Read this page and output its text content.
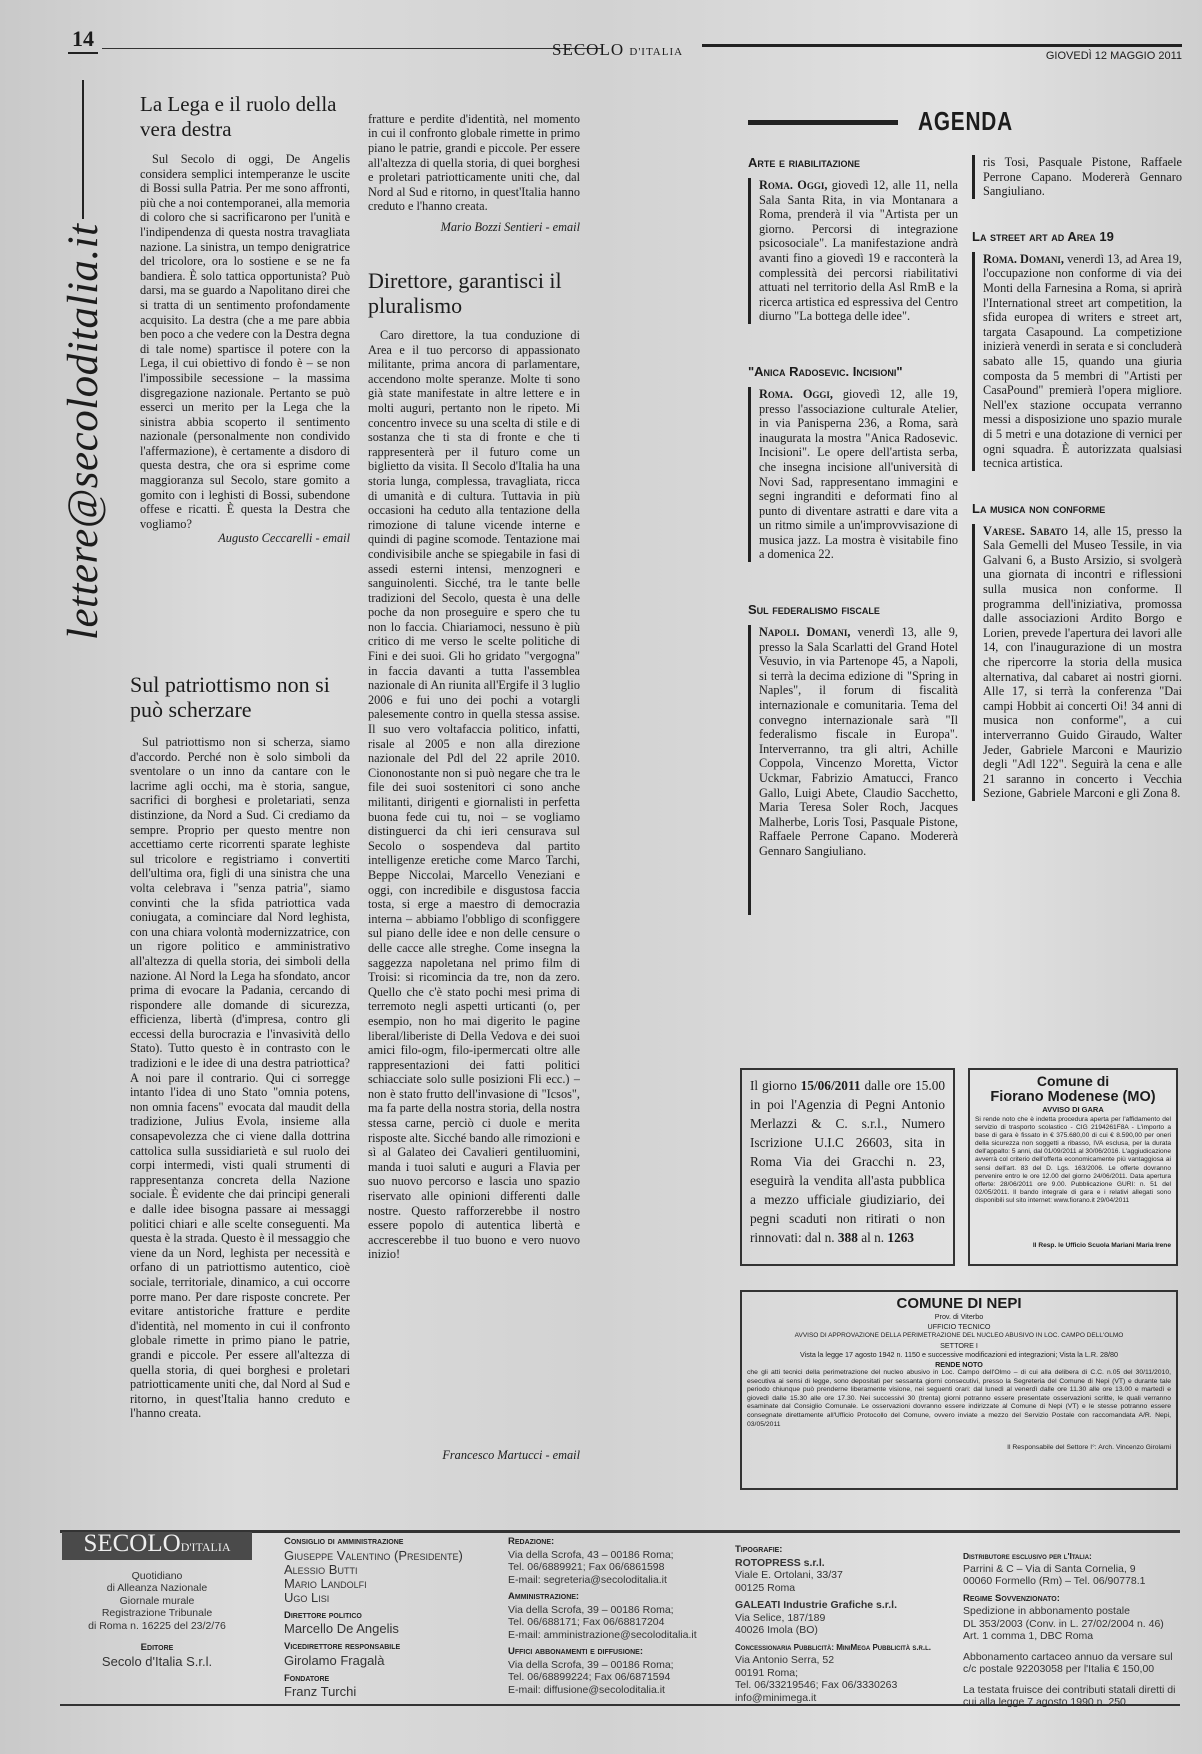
14	SECOLO D'ITALIA	GIOVEDÌ 12 MAGGIO 2011
lettere@secoloditalia.it
La Lega e il ruolo della vera destra

Sul Secolo di oggi, De Angelis considera semplici intemperanze le uscite di Bossi sulla Patria. Per me sono affronti, più che a noi contemporanei, alla memoria di coloro che si sacrificarono per l'unità e l'indipendenza di questa nostra travagliata nazione. La sinistra, un tempo denigratrice del tricolore, ora lo sostiene e se ne fa bandiera. È solo tattica opportunista? Può darsi, ma se guardo a Napolitano direi che si tratta di un sentimento profondamente acquisito. La destra (che a me pare abbia ben poco a che vedere con la Destra degna di tale nome) spartisce il potere con la Lega, il cui obiettivo di fondo è – se non l'impossibile secessione – la massima disgregazione nazionale. Pertanto se può esserci un merito per la Lega che la sinistra abbia scoperto il sentimento nazionale (personalmente non condivido l'affermazione), è certamente a disdoro di questa destra, che ora si esprime come maggioranza sul Secolo, stare gomito a gomito con i leghisti di Bossi, subendone offese e ricatti. È questa la Destra che vogliamo?

Augusto Ceccarelli - email
Sul patriottismo non si può scherzare

Sul patriottismo non si scherza, siamo d'accordo. Perché non è solo simboli da sventolare o un inno da cantare con le lacrime agli occhi, ma è storia, sangue, sacrifici di borghesi e proletariati, senza distinzione, da Nord a Sud. Ci crediamo da sempre. Proprio per questo mentre non accettiamo certe ricorrenti sparate leghiste sul tricolore e registriamo i convertiti dell'ultima ora, figli di una sinistra che una volta celebrava i "senza patria", siamo convinti che la sfida patriottica vada coniugata, a cominciare dal Nord leghista, con una chiara volontà modernizzatrice, con un rigore politico e amministrativo all'altezza di quella storia, dei simboli della nazione. Al Nord la Lega ha sfondato, ancor prima di evocare la Padania, cercando di rispondere alle domande di sicurezza, efficienza, libertà (d'impresa, contro gli eccessi della burocrazia e l'invasività dello Stato). Tutto questo è in contrasto con le tradizioni e le idee di una destra patriottica? A noi pare il contrario. Qui ci sorregge intanto l'idea di uno Stato "omnia potens, non omnia facens" evocata dal maudit della tradizione, Julius Evola, insieme alla consapevolezza che ci viene dalla dottrina cattolica sulla sussidiarietà e sul ruolo dei corpi intermedi, visti quali strumenti di rappresentanza concreta della Nazione sociale. È evidente che dai principi generali e dalle idee bisogna passare ai messaggi politici chiari e alle scelte conseguenti. Ma questa è la strada. Questo è il messaggio che viene da un Nord, leghista per necessità e orfano di un patriottismo autentico, cioè sociale, territoriale, dinamico, a cui occorre porre mano. Per dare risposte concrete. Per evitare antistoriche fratture e perdite d'identità, nel momento in cui il confronto globale rimette in primo piano le patrie, grandi e piccole. Per essere all'altezza di quella storia, di quei borghesi e proletari patriotticamente uniti che, dal Nord al Sud e ritorno, in quest'Italia hanno creduto e l'hanno creata.

fratture e perdite d'identità, nel momento in cui il confronto globale rimette in primo piano le patrie, grandi e piccole. Per essere all'altezza di quella storia, di quei borghesi e proletari patriotticamente uniti che, dal Nord al Sud e ritorno, in quest'Italia hanno creduto e l'hanno creata.

Mario Bozzi Sentieri - email
Direttore, garantisci il pluralismo

Caro direttore, la tua conduzione di Area e il tuo percorso di appassionato militante, prima ancora di parlamentare, accendono molte speranze. Molte ti sono già state manifestate in altre lettere e in molti auguri, pertanto non le ripeto. Mi concentro invece su una scelta di stile e di sostanza che ti sta di fronte e che ti rappresenterà per il futuro come un biglietto da visita. Il Secolo d'Italia ha una storia lunga, complessa, travagliata, ricca di umanità e di cultura. Tuttavia in più occasioni ha ceduto alla tentazione della rimozione di talune vicende interne e quindi di pagine scomode. Tentazione mai condivisibile anche se spiegabile in fasi di assedi esterni intensi, menzogneri e sanguinolenti. Sicché, tra le tante belle tradizioni del Secolo, questa è una delle poche da non proseguire e spero che tu non lo faccia. Chiariamoci, nessuno è più critico di me verso le scelte politiche di Fini e dei suoi. Gli ho gridato "vergogna" in faccia davanti a tutta l'assemblea nazionale di An riunita all'Ergife il 3 luglio 2006 e fui uno dei pochi a votargli palesemente contro in quella stessa assise. Il suo vero voltafaccia politico, infatti, risale al 2005 e non alla direzione nazionale del Pdl del 22 aprile 2010. Ciononostante non si può negare che tra le file dei suoi sostenitori ci sono anche militanti, dirigenti e giornalisti in perfetta buona fede cui tu, noi – se vogliamo distinguerci da chi ieri censurava sul Secolo o sospendeva dal partito intelligenze eretiche come Marco Tarchi, Beppe Niccolai, Marcello Veneziani e oggi, con incredibile e disgustosa faccia tosta, si erge a maestro di democrazia interna – abbiamo l'obbligo di sconfiggere sul piano delle idee e non delle censure o delle cacce alle streghe. Come insegna la saggezza napoletana nel primo film di Troisi: si ricomincia da tre, non da zero. Quello che c'è stato pochi mesi prima di terremoto negli aspetti urticanti (o, per esempio, non ho mai digerito le pagine liberal/liberiste di Della Vedova e dei suoi amici filo-ogm, filo-ipermercati oltre alle rappresentazioni dei fatti politici schiacciate solo sulle posizioni Fli ecc.) – non è stato frutto dell'invasione di "Icsos", ma fa parte della nostra storia, della nostra stessa carne, perciò ci duole e merita risposte alte. Sicché bando alle rimozioni e sì al Galateo dei Cavalieri gentiluomini, manda i tuoi saluti e auguri a Flavia per suo nuovo percorso e lascia uno spazio riservato alle opinioni differenti dalle nostre. Questo rafforzerebbe il nostro essere popolo di autentica libertà e accrescerebbe il tuo buono e vero nuovo inizio!

Francesco Martucci - email
AGENDA
Arte e riabilitazione
Roma. Oggi, giovedì 12, alle 11, nella Sala Santa Rita, in via Montanara a Roma, prenderà il via "Artista per un giorno. Percorsi di integrazione psicosociale". La manifestazione andrà avanti fino a giovedì 19 e racconterà la complessità dei percorsi riabilitativi attuati nel territorio della Asl RmB e la ricerca artistica ed espressiva del Centro diurno "La bottega delle idee".
"Anica Radosevic. Incisioni"
Roma. Oggi, giovedì 12, alle 19, presso l'associazione culturale Atelier, in via Panisperna 236, a Roma, sarà inaugurata la mostra "Anica Radosevic. Incisioni". Le opere dell'artista serba, che insegna incisione all'università di Novi Sad, rappresentano immagini e segni ingranditi e deformati fino al punto di diventare astratti e dare vita a un ritmo simile a un'improvvisazione di musica jazz. La mostra è visitabile fino a domenica 22.
Sul federalismo fiscale
Napoli. Domani, venerdì 13, alle 9, presso la Sala Scarlatti del Grand Hotel Vesuvio, in via Partenope 45, a Napoli, si terrà la decima edizione di "Spring in Naples", il forum di fiscalità internazionale e comunitaria. Tema del convegno internazionale sarà "Il federalismo fiscale in Europa". Interverranno, tra gli altri, Achille Coppola, Vincenzo Moretta, Victor Uckmar, Fabrizio Amatucci, Franco Gallo, Luigi Abete, Claudio Sacchetto, Maria Teresa Soler Roch, Jacques Malherbe, Loris Tosi, Pasquale Pistone, Raffaele Perrone Capano. Modererà Gennaro Sangiuliano.
ris Tosi, Pasquale Pistone, Raffaele Perrone Capano. Modererà Gennaro Sangiuliano.
La street art ad Area 19
Roma. Domani, venerdì 13, ad Area 19, l'occupazione non conforme di via dei Monti della Farnesina a Roma, si aprirà l'International street art competition, la sfida europea di writers e street art, targata Casapound. La competizione inizierà venerdì in serata e si concluderà sabato alle 15, quando una giuria composta da 5 membri di "Artisti per CasaPound" premierà l'opera migliore. Nell'ex stazione occupata verranno messi a disposizione uno spazio murale di 5 metri e una dotazione di vernici per ogni squadra. È autorizzata qualsiasi tecnica artistica.
La musica non conforme
Varese. Sabato 14, alle 15, presso la Sala Gemelli del Museo Tessile, in via Galvani 6, a Busto Arsizio, si svolgerà una giornata di incontri e riflessioni sulla musica non conforme. Il programma dell'iniziativa, promossa dalle associazioni Ardito Borgo e Lorien, prevede l'apertura dei lavori alle 14, con l'inaugurazione di un mostra che ripercorre la storia della musica alternativa, dal cabaret ai nostri giorni. Alle 17, si terrà la conferenza "Dai campi Hobbit ai concerti Oi! 34 anni di musica non conforme", a cui interverranno Guido Giraudo, Walter Jeder, Gabriele Marconi e Maurizio degli "Adl 122". Seguirà la cena e alle 21 saranno in concerto i Vecchia Sezione, Gabriele Marconi e gli Zona 8.
Il giorno 15/06/2011 dalle ore 15.00 in poi l'Agenzia di Pegni Antonio Merlazzi & C. s.r.l., Numero Iscrizione U.I.C 26603, sita in Roma Via dei Gracchi n. 23, eseguirà la vendita all'asta pubblica a mezzo ufficiale giudiziario, dei pegni scaduti non ritirati o non rinnovati: dal n. 388 al n. 1263
Comune di
Fiorano Modenese (MO)
AVVISO DI GARA
Si rende noto che è indetta procedura aperta per l'affidamento del servizio di trasporto scolastico - CIG 2194261F8A - L'importo a base di gara è fissato in € 375.680,00 di cui € 8.590,00 per oneri della sicurezza non soggetti a ribasso, IVA esclusa, per la durata dell'appalto: 5 anni, dal 01/09/2011 al 30/06/2016. L'aggiudicazione avverrà col criterio dell'offerta economicamente più vantaggiosa ai sensi dell'art. 83 del D. Lgs. 163/2006. Le offerte dovranno pervenire entro le ore 12.00 del giorno 24/06/2011. Data apertura offerte: 28/06/2011 ore 9.00. Pubblicazione GURI: n. 51 del 02/05/2011. Il bando integrale di gara e i relativi allegati sono disponibili sul sito internet: www.fiorano.it 29/04/2011
Il Resp. le Ufficio Scuola Mariani Maria Irene
COMUNE DI NEPI
Prov. di Viterbo
UFFICIO TECNICO
AVVISO DI APPROVAZIONE DELLA PERIMETRAZIONE DEL NUCLEO ABUSIVO IN LOC. CAMPO DELL'OLMO
SETTORE I
Vista la legge 17 agosto 1942 n. 1150 e successive modificazioni ed integrazioni; Vista la L.R. 28/80
RENDE NOTO
che gli atti tecnici della perimetrazione del nucleo abusivo in Loc. Campo dell'Olmo – di cui alla delibera di C.C. n.05 del 30/11/2010, esecutiva ai sensi di legge, sono depositati per sessanta giorni consecutivi, presso la Segreteria del Comune di Nepi (VT) e durante tale periodo chiunque può prenderne liberamente visione, nei seguenti orari: dal lunedì al venerdì dalle ore 11.30 alle ore 13.00 e martedì e giovedì dalle 15.30 alle ore 17.30. Nei successivi 30 (trenta) giorni potranno essere presentate osservazioni scritte, le quali verranno esaminate dal Consiglio Comunale. Le osservazioni dovranno essere indirizzate al Comune di Nepi (VT) e le stesse potranno essere consegnate direttamente all'Ufficio Protocollo del Comune, ovvero inviate a mezzo del Servizio Postale con raccomandata A/R. Nepi, 03/05/2011
Il Responsabile del Settore I°: Arch. Vincenzo Girolami
SECOLOD'ITALIA
Quotidiano
di Alleanza Nazionale
Giornale murale
Registrazione Tribunale
di Roma n. 16225 del 23/2/76
Editore
Secolo d'Italia S.r.l.
Consiglio di amministrazione
Giuseppe Valentino (Presidente)
Alessio Butti
Mario Landolfi
Ugo Lisi
Direttore politico
Marcello De Angelis
Vicedirettore responsabile
Girolamo Fragalà
Fondatore
Franz Turchi
Redazione:
Via della Scrofa, 43 – 00186 Roma;
Tel. 06/6889921; Fax 06/6861598
E-mail: segreteria@secoloditalia.it
Amministrazione:
Via della Scrofa, 39 – 00186 Roma;
Tel. 06/688171; Fax 06/68817204
E-mail: amministrazione@secoloditalia.it
Uffici abbonamenti e diffusione:
Via della Scrofa, 39 – 00186 Roma;
Tel. 06/68899224; Fax 06/6871594
E-mail: diffusione@secoloditalia.it
Tipografie:
ROTOPRESS s.r.l.
Viale E. Ortolani, 33/37
00125 Roma
GALEATI Industrie Grafiche s.r.l.
Via Selice, 187/189
40026 Imola (BO)
Concessionaria Pubblicità: MiniMega Pubblicità s.r.l.
Via Antonio Serra, 52
00191 Roma;
Tel. 06/33219546; Fax 06/3330263
info@minimega.it
Distributore esclusivo per l'Italia:
Parrini & C – Via di Santa Cornelia, 9
00060 Formello (Rm) – Tel. 06/90778.1
Regime Sovvenzionato:
Spedizione in abbonamento postale
DL 353/2003 (Conv. in L. 27/02/2004 n. 46)
Art. 1 comma 1, DBC Roma
Abbonamento cartaceo annuo da versare sul c/c postale 92203058 per l'Italia € 150,00
La testata fruisce dei contributi statali diretti di cui alla legge 7 agosto 1990 n. 250
